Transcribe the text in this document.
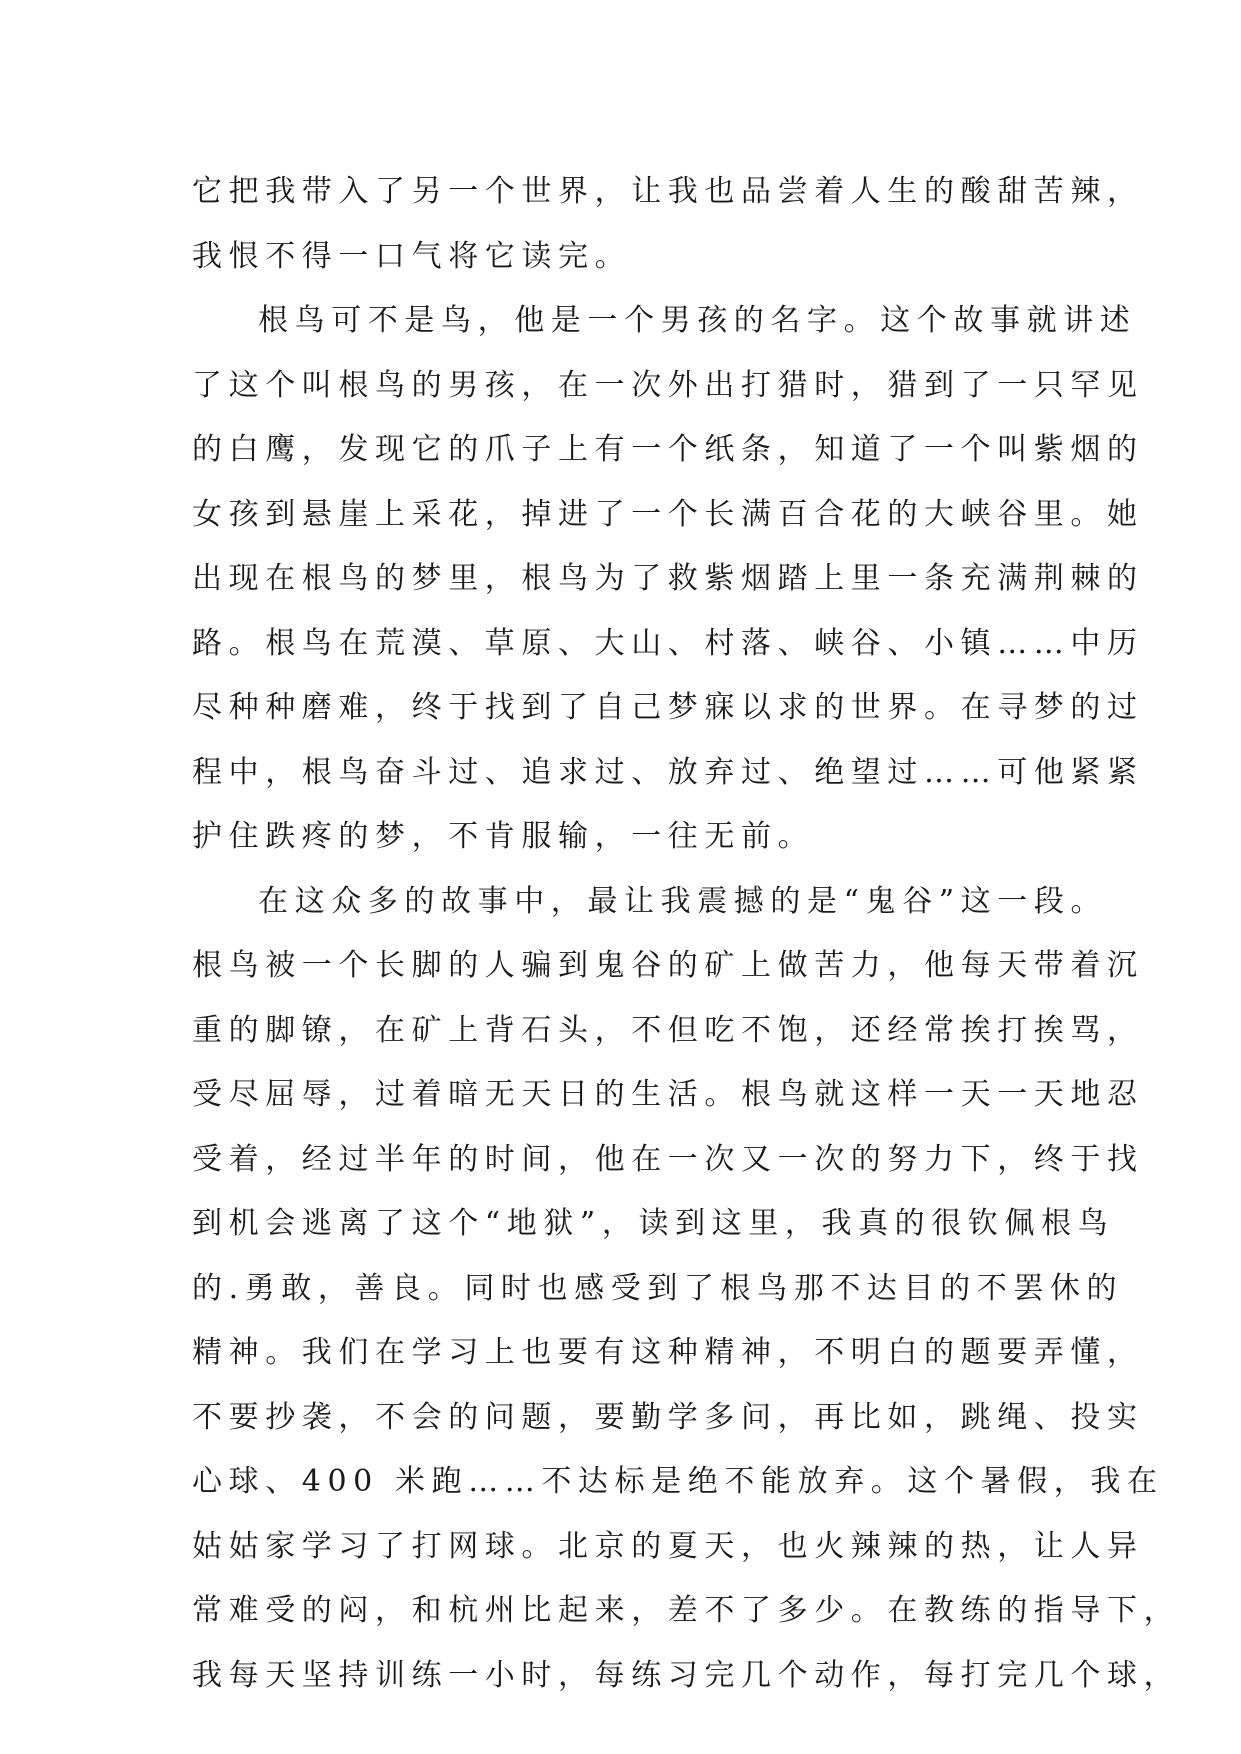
它把我带入了另一个世界，让我也品尝着人生的酸甜苦辣，
我恨不得一口气将它读完。
根鸟可不是鸟，他是一个男孩的名字。这个故事就讲述
了这个叫根鸟的男孩，在一次外出打猎时，猎到了一只罕见
的白鹰，发现它的爪子上有一个纸条，知道了一个叫紫烟的
女孩到悬崖上采花，掉进了一个长满百合花的大峡谷里。她
出现在根鸟的梦里，根鸟为了救紫烟踏上里一条充满荆棘的
路。根鸟在荒漠、草原、大山、村落、峡谷、小镇……中历
尽种种磨难，终于找到了自己梦寐以求的世界。在寻梦的过
程中，根鸟奋斗过、追求过、放弃过、绝望过……可他紧紧
护住跌疼的梦，不肯服输，一往无前。
在这众多的故事中，最让我震撼的是“鬼谷”这一段。
根鸟被一个长脚的人骗到鬼谷的矿上做苦力，他每天带着沉
重的脚镣，在矿上背石头，不但吃不饱，还经常挨打挨骂，
受尽屈辱，过着暗无天日的生活。根鸟就这样一天一天地忍
受着，经过半年的时间，他在一次又一次的努力下，终于找
到机会逃离了这个“地狱”，读到这里，我真的很钦佩根鸟
的.勇敢，善良。同时也感受到了根鸟那不达目的不罢休的
精神。我们在学习上也要有这种精神，不明白的题要弄懂，
不要抄袭，不会的问题，要勤学多问，再比如，跳绳、投实
心球、400 米跑……不达标是绝不能放弃。这个暑假，我在
姑姑家学习了打网球。北京的夏天，也火辣辣的热，让人异
常难受的闷，和杭州比起来，差不了多少。在教练的指导下，
我每天坚持训练一小时，每练习完几个动作，每打完几个球，
